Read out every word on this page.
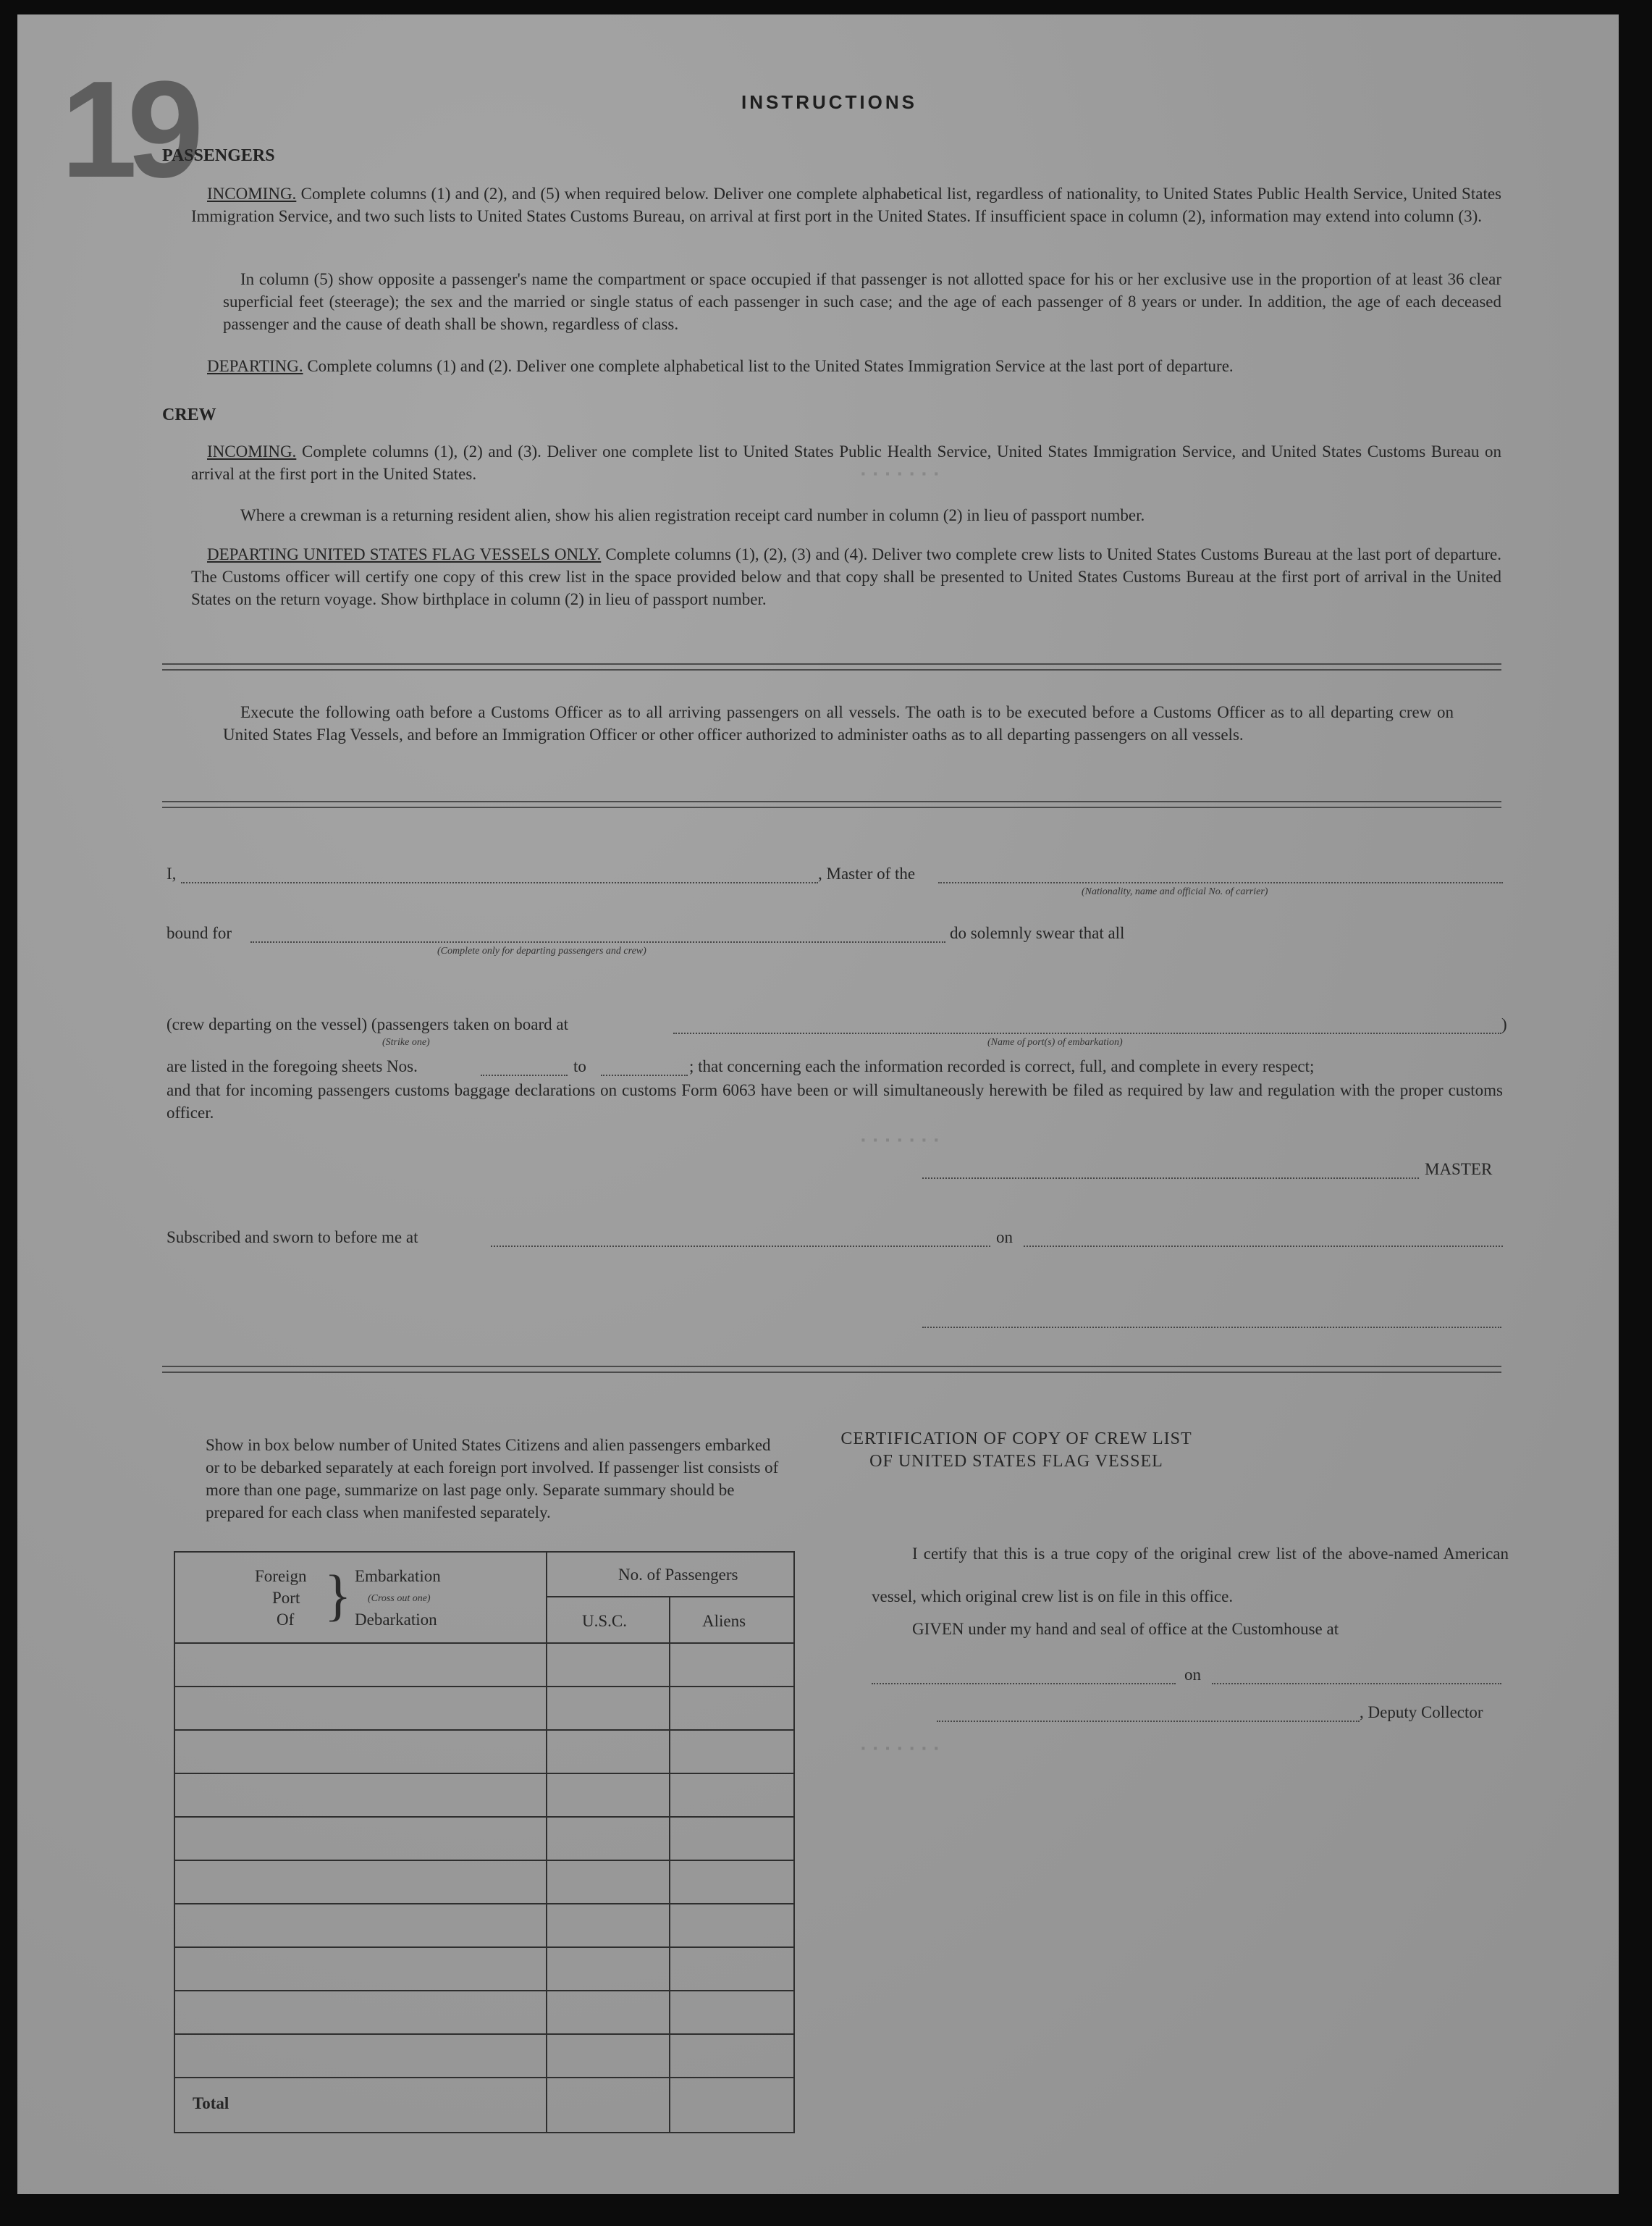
·······
·······
·······
19	INSTRUCTIONS
PASSENGERS
INCOMING. Complete columns (1) and (2), and (5) when required below. Deliver one complete alphabetical list, regardless of nationality, to United States Public Health Service, United States Immigration Service, and two such lists to United States Customs Bureau, on arrival at first port in the United States. If insufficient space in column (2), information may extend into column (3).
In column (5) show opposite a passenger's name the compartment or space occupied if that passenger is not allotted space for his or her exclusive use in the proportion of at least 36 clear superficial feet (steerage); the sex and the married or single status of each passenger in such case; and the age of each passenger of 8 years or under. In addition, the age of each deceased passenger and the cause of death shall be shown, regardless of class.
DEPARTING. Complete columns (1) and (2). Deliver one complete alphabetical list to the United States Immigration Service at the last port of departure.
CREW
INCOMING. Complete columns (1), (2) and (3). Deliver one complete list to United States Public Health Service, United States Immigration Service, and United States Customs Bureau on arrival at the first port in the United States.
Where a crewman is a returning resident alien, show his alien registration receipt card number in column (2) in lieu of passport number.
DEPARTING UNITED STATES FLAG VESSELS ONLY. Complete columns (1), (2), (3) and (4). Deliver two complete crew lists to United States Customs Bureau at the last port of departure. The Customs officer will certify one copy of this crew list in the space provided below and that copy shall be presented to United States Customs Bureau at the first port of arrival in the United States on the return voyage. Show birthplace in column (2) in lieu of passport number.
Execute the following oath before a Customs Officer as to all arriving passengers on all vessels. The oath is to be executed before a Customs Officer as to all departing crew on United States Flag Vessels, and before an Immigration Officer or other officer authorized to administer oaths as to all departing passengers on all vessels.
I,	, Master of the
(Nationality, name and official No. of carrier)
bound for
(Complete only for departing passengers and crew)
do solemnly swear that all
(crew departing on the vessel) (passengers taken on board at	)
(Strike one)	(Name of port(s) of embarkation)
are listed in the foregoing sheets Nos.	to	; that concerning each the information recorded is correct, full, and complete in every respect;
and that for incoming passengers customs baggage declarations on customs Form 6063 have been or will simultaneously herewith be filed as required by law and regulation with the proper customs officer.
MASTER
Subscribed and sworn to before me at	on
Show in box below number of United States Citizens and alien passengers embarked or to be debarked separately at each foreign port involved. If passenger list consists of more than one page, summarize on last page only. Separate summary should be prepared for each class when manifested separately.
Foreign
Port
Of } Embarkation
(Cross out one)
Debarkation
No. of Passengers
U.S.C.	Aliens
Total
CERTIFICATION OF COPY OF CREW LIST
OF UNITED STATES FLAG VESSEL
I certify that this is a true copy of the original crew list of the above-named American vessel, which original crew list is on file in this office.
GIVEN under my hand and seal of office at the Customhouse at
on
, Deputy Collector
